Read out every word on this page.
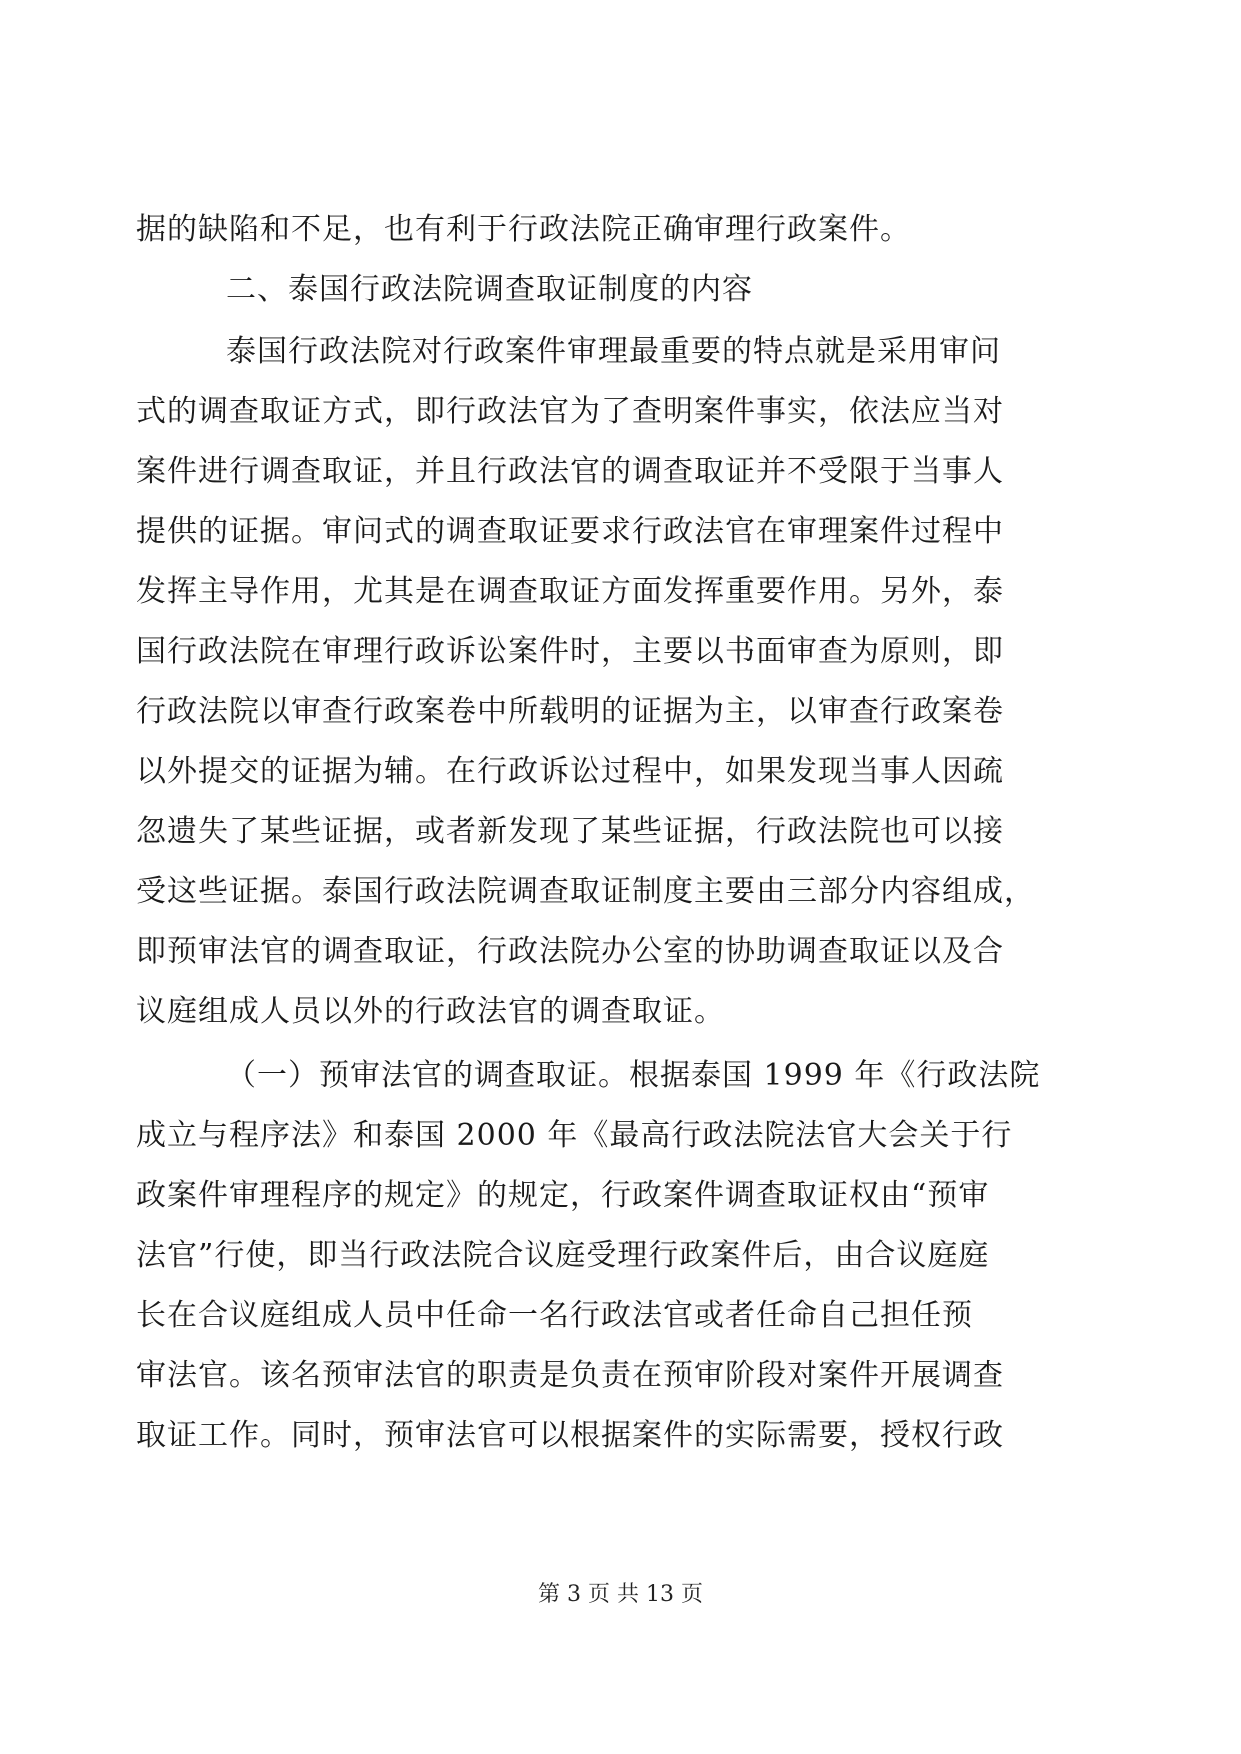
据的缺陷和不足，也有利于行政法院正确审理行政案件。
二、泰国行政法院调查取证制度的内容
泰国行政法院对行政案件审理最重要的特点就是采用审问
式的调查取证方式，即行政法官为了查明案件事实，依法应当对
案件进行调查取证，并且行政法官的调查取证并不受限于当事人
提供的证据。审问式的调查取证要求行政法官在审理案件过程中
发挥主导作用，尤其是在调查取证方面发挥重要作用。另外，泰
国行政法院在审理行政诉讼案件时，主要以书面审查为原则，即
行政法院以审查行政案卷中所载明的证据为主，以审查行政案卷
以外提交的证据为辅。在行政诉讼过程中，如果发现当事人因疏
忽遗失了某些证据，或者新发现了某些证据，行政法院也可以接
受这些证据。泰国行政法院调查取证制度主要由三部分内容组成，
即预审法官的调查取证，行政法院办公室的协助调查取证以及合
议庭组成人员以外的行政法官的调查取证。
（一）预审法官的调查取证。根据泰国 1999 年《行政法院
成立与程序法》和泰国 2000 年《最高行政法院法官大会关于行
政案件审理程序的规定》的规定，行政案件调查取证权由“预审
法官”行使，即当行政法院合议庭受理行政案件后，由合议庭庭
长在合议庭组成人员中任命一名行政法官或者任命自己担任预
审法官。该名预审法官的职责是负责在预审阶段对案件开展调查
取证工作。同时，预审法官可以根据案件的实际需要，授权行政
第 3 页 共 13 页
